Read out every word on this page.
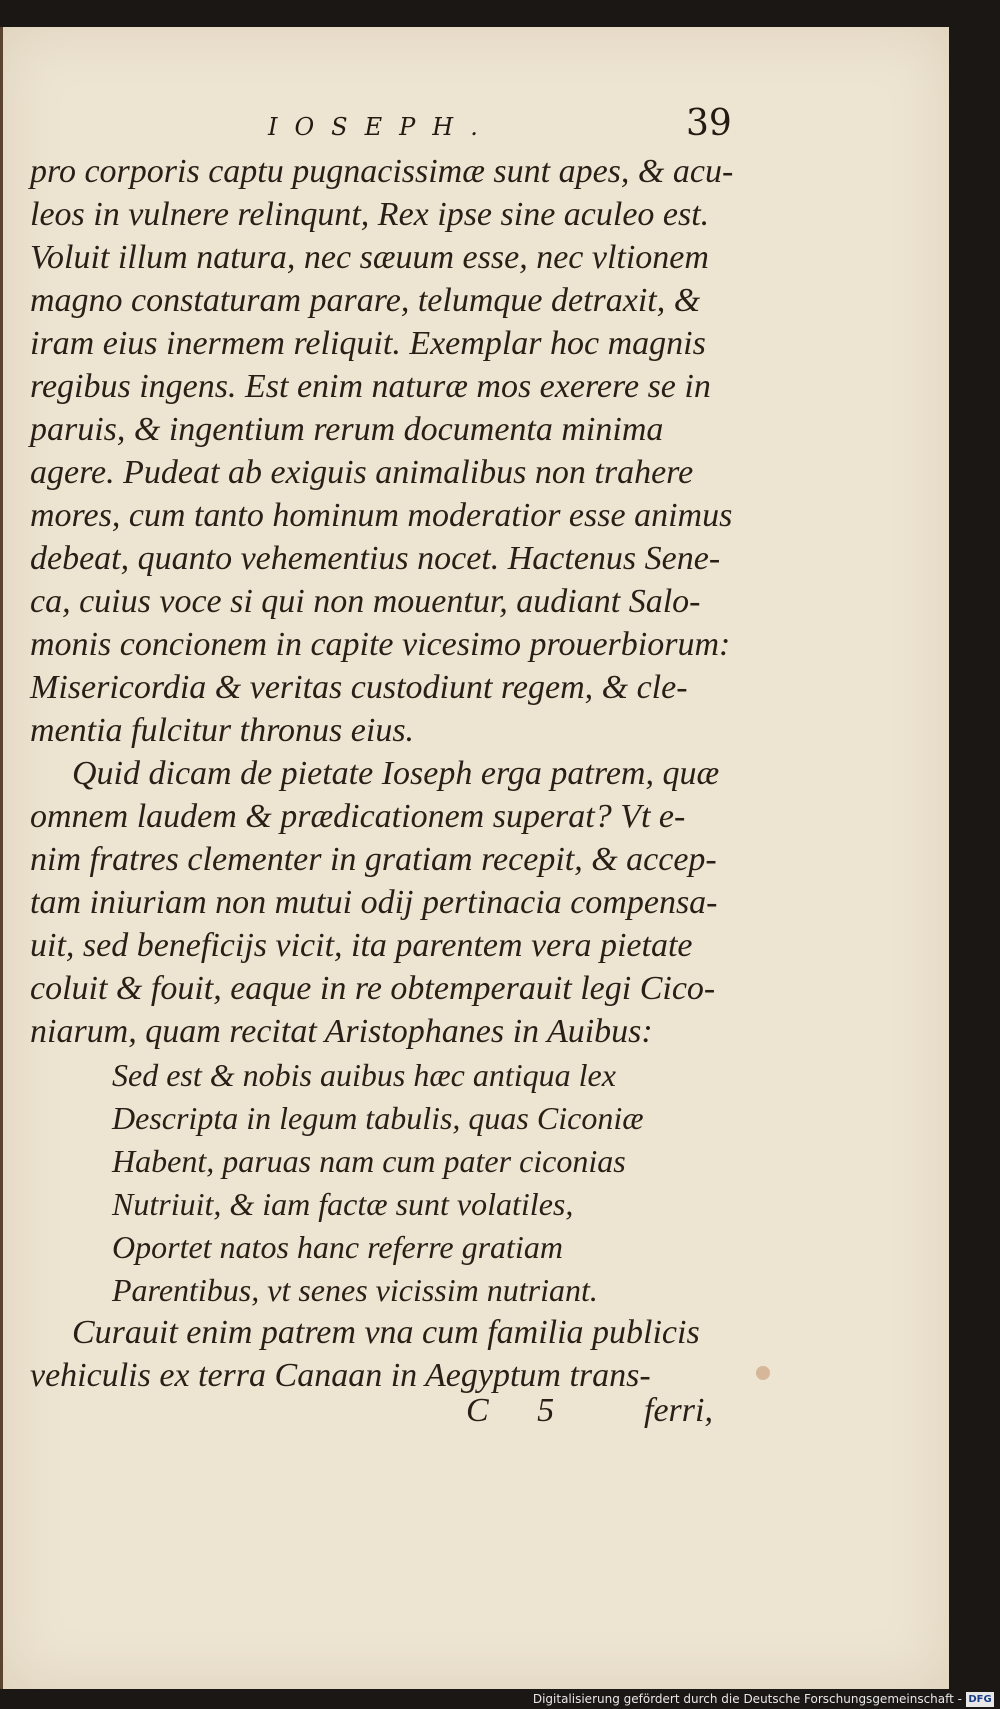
IOSEPH.	39
pro corporis captu pugnacissimæ sunt apes, & acu-
leos in vulnere relinqunt, Rex ipse sine aculeo est.
Voluit illum natura, nec sæuum esse, nec vltionem
magno constaturam parare, telumque detraxit, &
iram eius inermem reliquit. Exemplar hoc magnis
regibus ingens. Est enim naturæ mos exerere se in
paruis, & ingentium rerum documenta minima
agere. Pudeat ab exiguis animalibus non trahere
mores, cum tanto hominum moderatior esse animus
debeat, quanto vehementius nocet. Hactenus Sene-
ca, cuius voce si qui non mouentur, audiant Salo-
monis concionem in capite vicesimo prouerbiorum:
Misericordia & veritas custodiunt regem, & cle-
mentia fulcitur thronus eius.
Quid dicam de pietate Ioseph erga patrem, quæ
omnem laudem & prædicationem superat? Vt e-
nim fratres clementer in gratiam recepit, & accep-
tam iniuriam non mutui odij pertinacia compensa-
uit, sed beneficijs vicit, ita parentem vera pietate
coluit & fouit, eaque in re obtemperauit legi Cico-
niarum, quam recitat Aristophanes in Auibus:
Sed est & nobis auibus hæc antiqua lex
Descripta in legum tabulis, quas Ciconiæ
Habent, paruas nam cum pater ciconias
Nutriuit, & iam factæ sunt volatiles,
Oportet natos hanc referre gratiam
Parentibus, vt senes vicissim nutriant.
Curauit enim patrem vna cum familia publicis
vehiculis ex terra Canaan in Aegyptum trans-
C 5 ferri,
Digitalisierung gefördert durch die Deutsche Forschungsgemeinschaft - DFG
